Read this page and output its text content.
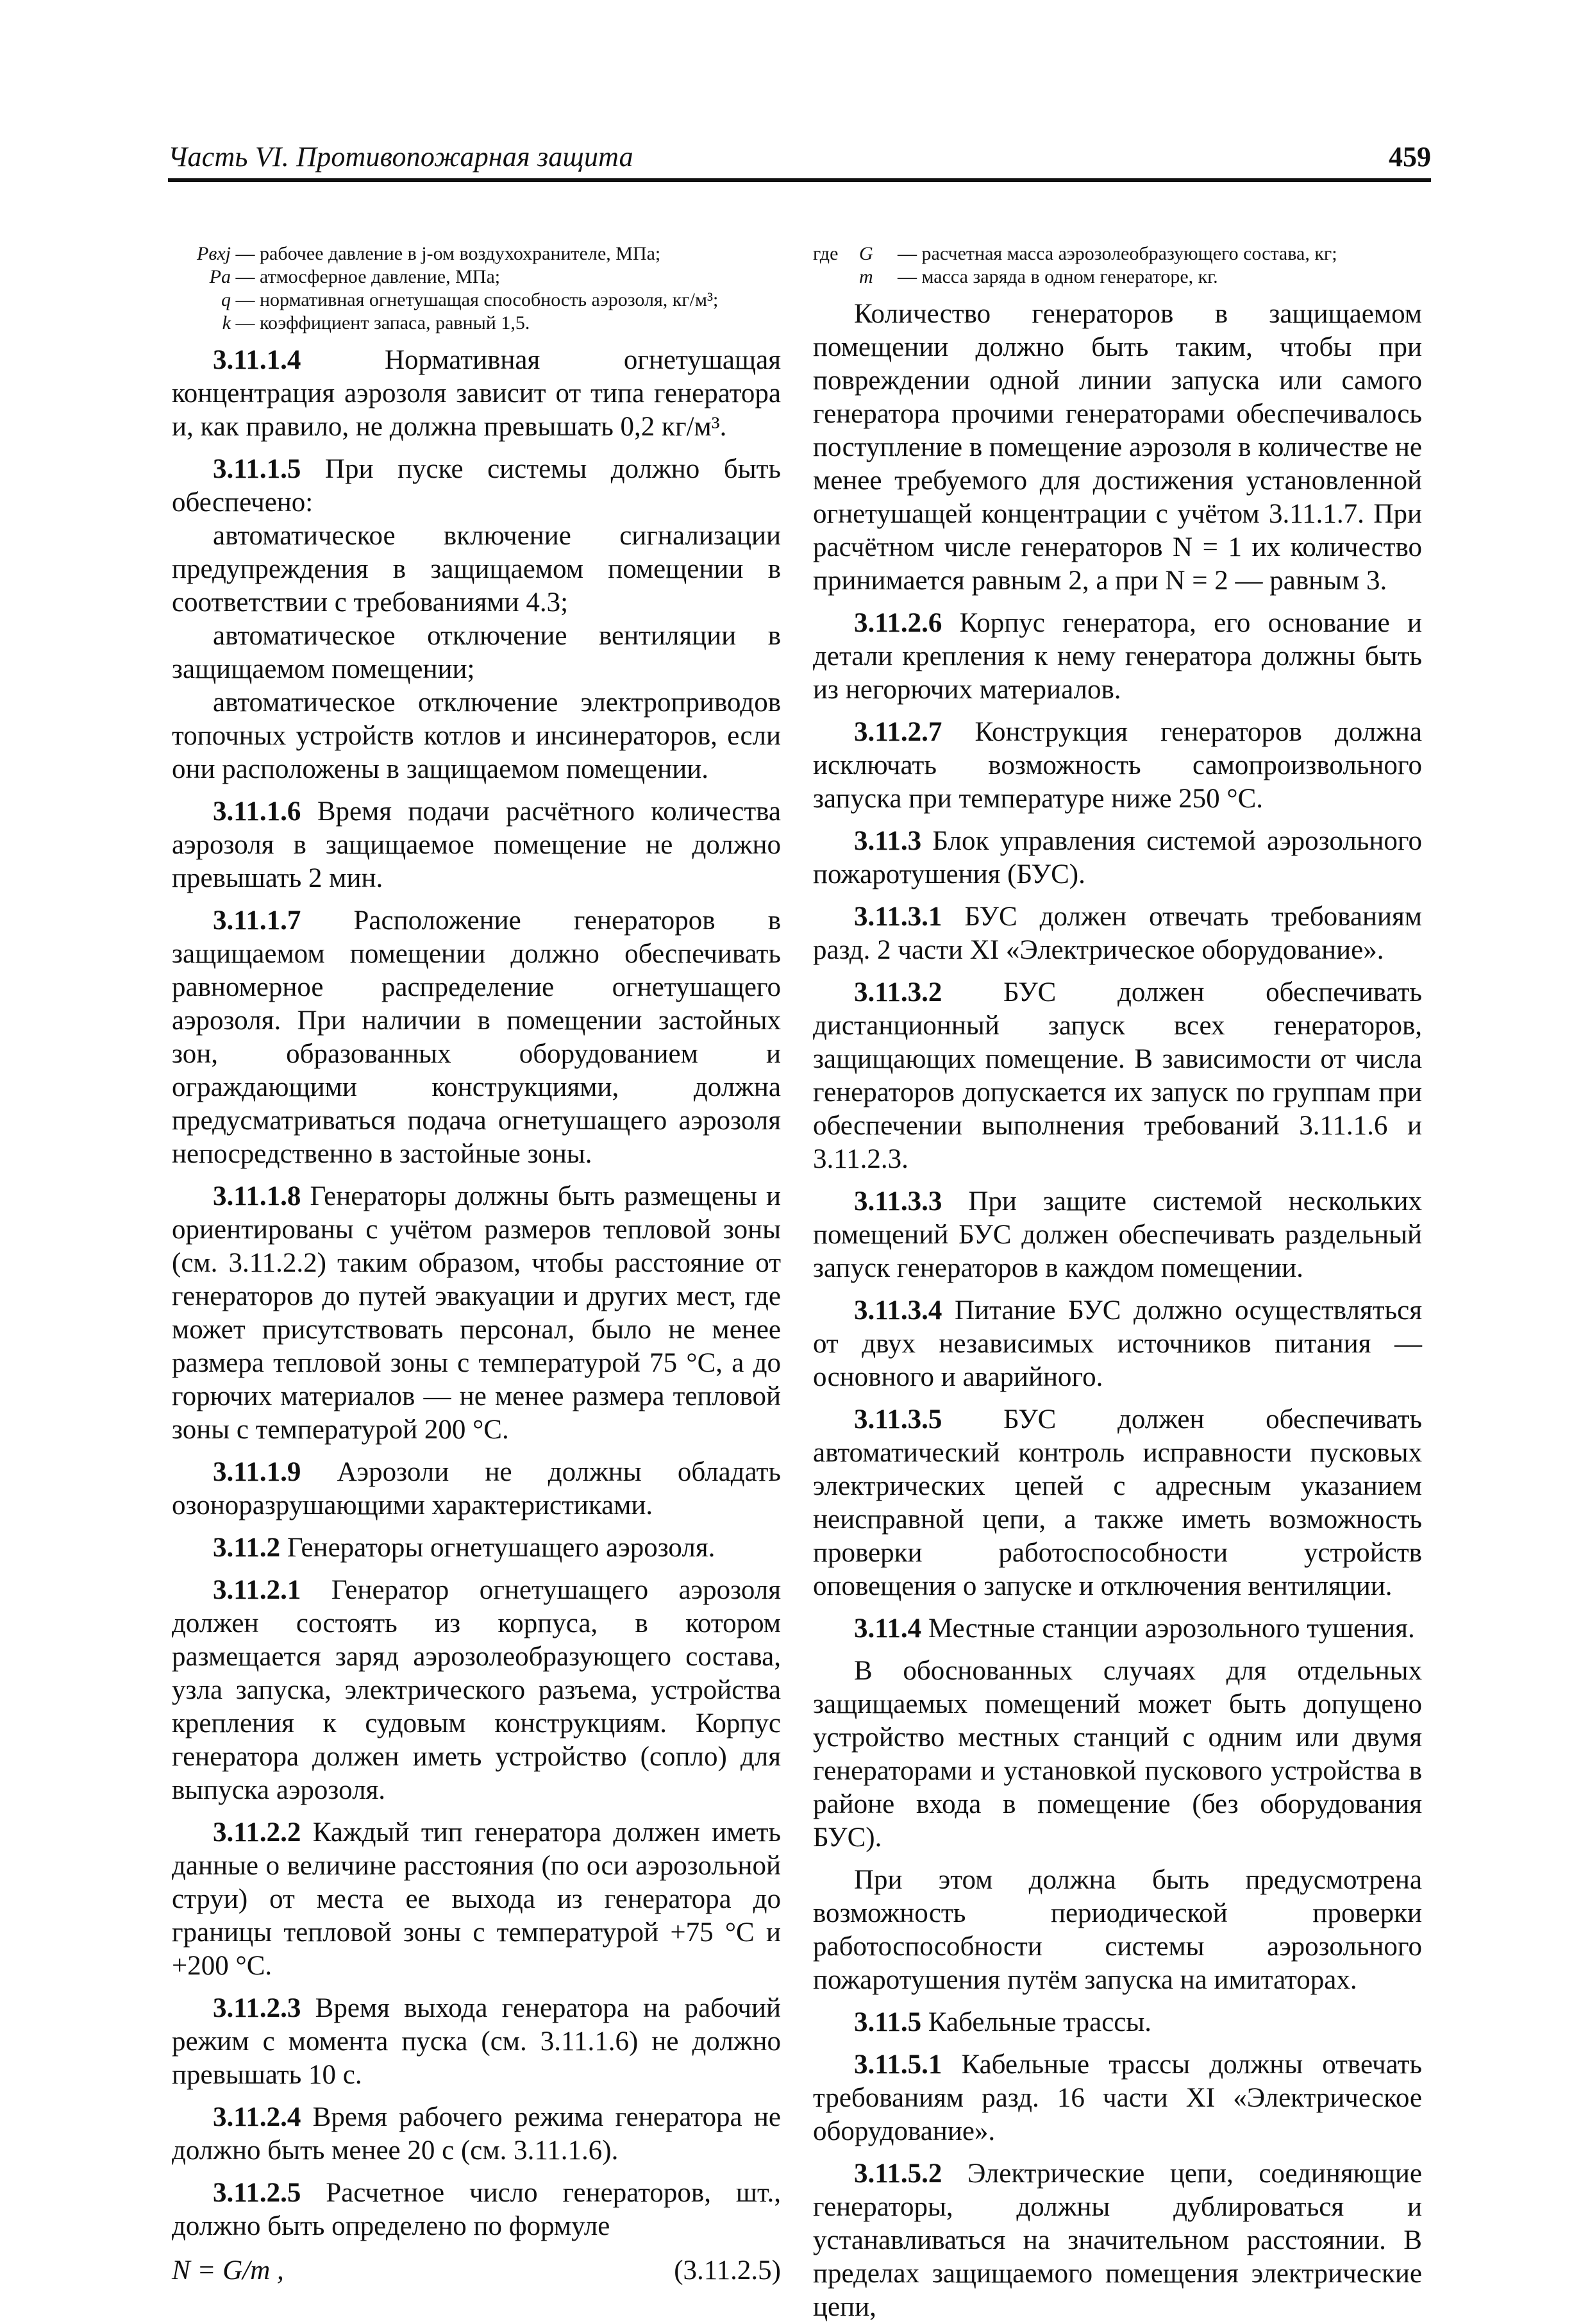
Часть VI. Противопожарная защита	459
Pвхj — рабочее давление в j-ом воздухохранителе, МПа;
Pa — атмосферное давление, МПа;
q — нормативная огнетушащая способность аэрозоля, кг/м³;
k — коэффициент запаса, равный 1,5.

3.11.1.4 Нормативная огнетушащая концентрация аэрозоля зависит от типа генератора и, как правило, не должна превышать 0,2 кг/м³.

3.11.1.5 При пуске системы должно быть обеспечено:

автоматическое включение сигнализации предупреждения в защищаемом помещении в соответствии с требованиями 4.3;

автоматическое отключение вентиляции в защищаемом помещении;

автоматическое отключение электроприводов топочных устройств котлов и инсинераторов, если они расположены в защищаемом помещении.

3.11.1.6 Время подачи расчётного количества аэрозоля в защищаемое помещение не должно превышать 2 мин.

3.11.1.7 Расположение генераторов в защищаемом помещении должно обеспечивать равномерное распределение огнетушащего аэрозоля. При наличии в помещении застойных зон, образованных оборудованием и ограждающими конструкциями, должна предусматриваться подача огнетушащего аэрозоля непосредственно в застойные зоны.

3.11.1.8 Генераторы должны быть размещены и ориентированы с учётом размеров тепловой зоны (см. 3.11.2.2) таким образом, чтобы расстояние от генераторов до путей эвакуации и других мест, где может присутствовать персонал, было не менее размера тепловой зоны с температурой 75 °С, а до горючих материалов — не менее размера тепловой зоны с температурой 200 °С.

3.11.1.9 Аэрозоли не должны обладать озоноразрушающими характеристиками.

3.11.2 Генераторы огнетушащего аэрозоля.

3.11.2.1 Генератор огнетушащего аэрозоля должен состоять из корпуса, в котором размещается заряд аэрозолеобразующего состава, узла запуска, электрического разъема, устройства крепления к судовым конструкциям. Корпус генератора должен иметь устройство (сопло) для выпуска аэрозоля.

3.11.2.2 Каждый тип генератора должен иметь данные о величине расстояния (по оси аэрозольной струи) от места ее выхода из генератора до границы тепловой зоны с температурой +75 °С и +200 °С.

3.11.2.3 Время выхода генератора на рабочий режим с момента пуска (см. 3.11.1.6) не должно превышать 10 с.

3.11.2.4 Время рабочего режима генератора не должно быть менее 20 с (см. 3.11.1.6).

3.11.2.5 Расчетное число генераторов, шт., должно быть определено по формуле

N = G/m ,	(3.11.2.5)
где G — расчетная масса аэрозолеобразующего состава, кг;
m — масса заряда в одном генераторе, кг.

Количество генераторов в защищаемом помещении должно быть таким, чтобы при повреждении одной линии запуска или самого генератора прочими генераторами обеспечивалось поступление в помещение аэрозоля в количестве не менее требуемого для достижения установленной огнетушащей концентрации с учётом 3.11.1.7. При расчётном числе генераторов N = 1 их количество принимается равным 2, а при N = 2 — равным 3.

3.11.2.6 Корпус генератора, его основание и детали крепления к нему генератора должны быть из негорючих материалов.

3.11.2.7 Конструкция генераторов должна исключать возможность самопроизвольного запуска при температуре ниже 250 °С.

3.11.3 Блок управления системой аэрозольного пожаротушения (БУС).

3.11.3.1 БУС должен отвечать требованиям разд. 2 части XI «Электрическое оборудование».

3.11.3.2 БУС должен обеспечивать дистанционный запуск всех генераторов, защищающих помещение. В зависимости от числа генераторов допускается их запуск по группам при обеспечении выполнения требований 3.11.1.6 и 3.11.2.3.

3.11.3.3 При защите системой нескольких помещений БУС должен обеспечивать раздельный запуск генераторов в каждом помещении.

3.11.3.4 Питание БУС должно осуществляться от двух независимых источников питания — основного и аварийного.

3.11.3.5 БУС должен обеспечивать автоматический контроль исправности пусковых электрических цепей с адресным указанием неисправной цепи, а также иметь возможность проверки работоспособности устройств оповещения о запуске и отключения вентиляции.

3.11.4 Местные станции аэрозольного тушения.

В обоснованных случаях для отдельных защищаемых помещений может быть допущено устройство местных станций с одним или двумя генераторами и установкой пускового устройства в районе входа в помещение (без оборудования БУС).

При этом должна быть предусмотрена возможность периодической проверки работоспособности системы аэрозольного пожаротушения путём запуска на имитаторах.

3.11.5 Кабельные трассы.

3.11.5.1 Кабельные трассы должны отвечать требованиям разд. 16 части XI «Электрическое оборудование».

3.11.5.2 Электрические цепи, соединяющие генераторы, должны дублироваться и устанавливаться на значительном расстоянии. В пределах защищаемого помещения электрические цепи,
